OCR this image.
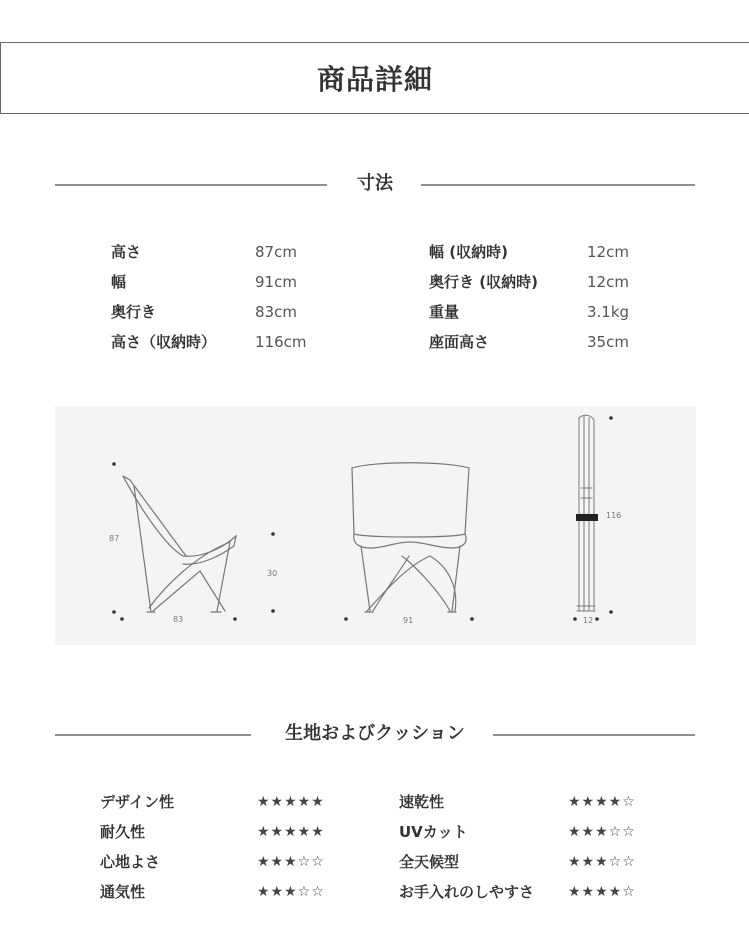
商品詳細
寸法
高さ	87cm	幅 (収納時)	12cm
幅	91cm	奥行き (収納時)	12cm
奥行き	83cm	重量	3.1kg
高さ（収納時）	116cm	座面高さ	35cm
87
83
30
91
116
12
生地およびクッション
デザイン性	★★★★★	速乾性	★★★★☆
耐久性	★★★★★	UVカット	★★★☆☆
心地よさ	★★★☆☆	全天候型	★★★☆☆
通気性	★★★☆☆	お手入れのしやすさ ★★★★☆
